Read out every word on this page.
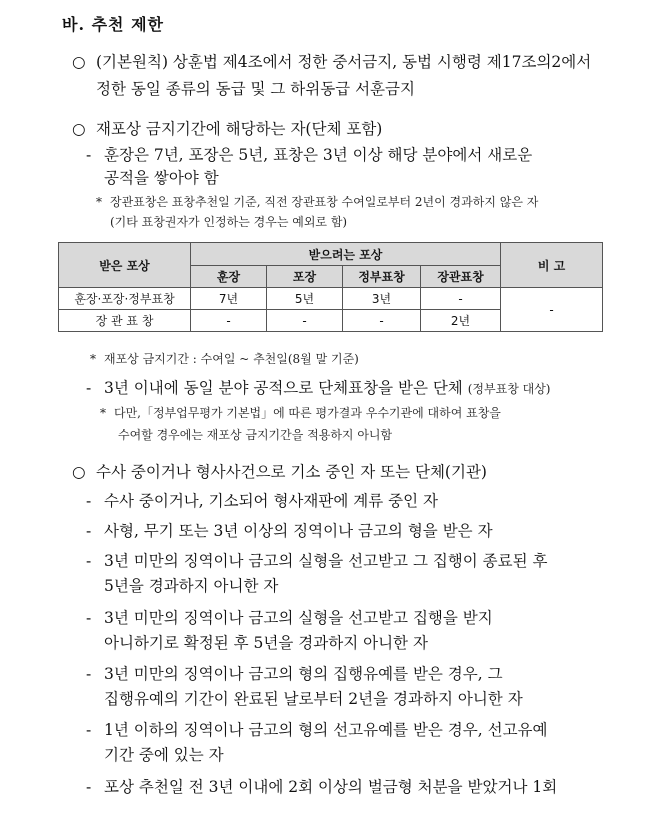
바. 추천 제한

○ (기본원칙) 상훈법 제4조에서 정한 중서금지, 동법 시행령 제17조의2에서

정한 동일 종류의 동급 및 그 하위동급 서훈금지

○ 재포상 금지기간에 해당하는 자(단체 포함)

- 훈장은 7년, 포장은 5년, 표창은 3년 이상 해당 분야에서 새로운

공적을 쌓아야 함

* 장관표창은 표창추천일 기준, 직전 장관표창 수여일로부터 2년이 경과하지 않은 자

(기타 표창권자가 인정하는 경우는 예외로 함)

받은 포상	받으려는 포상				비 고
	훈장	포장	정부표창	장관표창	
훈장·포장·정부표창	7년	5년	3년	-	-
장 관 표 창	-	-	-	2년	

* 재포상 금지기간 : 수여일 ~ 추천일(8월 말 기준)

- 3년 이내에 동일 분야 공적으로 단체표창을 받은 단체 (정부표창 대상)

* 다만,「정부업무평가 기본법」에 따른 평가결과 우수기관에 대하여 표창을

수여할 경우에는 재포상 금지기간을 적용하지 아니함

○ 수사 중이거나 형사사건으로 기소 중인 자 또는 단체(기관)

- 수사 중이거나, 기소되어 형사재판에 계류 중인 자

- 사형, 무기 또는 3년 이상의 징역이나 금고의 형을 받은 자

- 3년 미만의 징역이나 금고의 실형을 선고받고 그 집행이 종료된 후

5년을 경과하지 아니한 자

- 3년 미만의 징역이나 금고의 실형을 선고받고 집행을 받지

아니하기로 확정된 후 5년을 경과하지 아니한 자

- 3년 미만의 징역이나 금고의 형의 집행유예를 받은 경우, 그

집행유예의 기간이 완료된 날로부터 2년을 경과하지 아니한 자

- 1년 이하의 징역이나 금고의 형의 선고유예를 받은 경우, 선고유예

기간 중에 있는 자

- 포상 추천일 전 3년 이내에 2회 이상의 벌금형 처분을 받았거나 1회
